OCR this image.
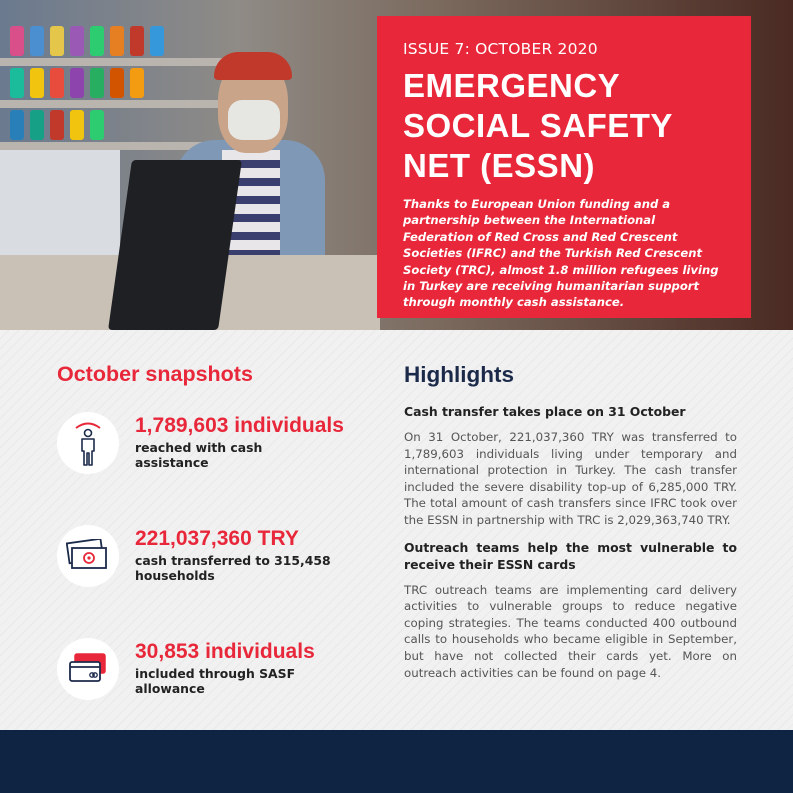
ISSUE 7: OCTOBER 2020
EMERGENCY
SOCIAL SAFETY
NET (ESSN)
Thanks to European Union funding and a partnership between the International Federation of Red Cross and Red Crescent Societies (IFRC) and the Turkish Red Crescent Society (TRC), almost 1.8 million refugees living in Turkey are receiving humanitarian support through monthly cash assistance.
October snapshots
1,789,603 individuals
reached with cash assistance
221,037,360 TRY
cash transferred to 315,458 households
30,853 individuals
included through SASF allowance
Highlights
Cash transfer takes place on 31 October
On 31 October, 221,037,360 TRY was transferred to 1,789,603 individuals living under temporary and international protection in Turkey. The cash transfer included the severe disability top-up of 6,285,000 TRY. The total amount of cash transfers since IFRC took over the ESSN in partnership with TRC is 2,029,363,740 TRY.
Outreach teams help the most vulnerable to receive their ESSN cards
TRC outreach teams are implementing card delivery activities to vulnerable groups to reduce negative coping strategies. The teams conducted 400 outbound calls to households who became eligible in September, but have not collected their cards yet. More on outreach activities can be found on page 4.
